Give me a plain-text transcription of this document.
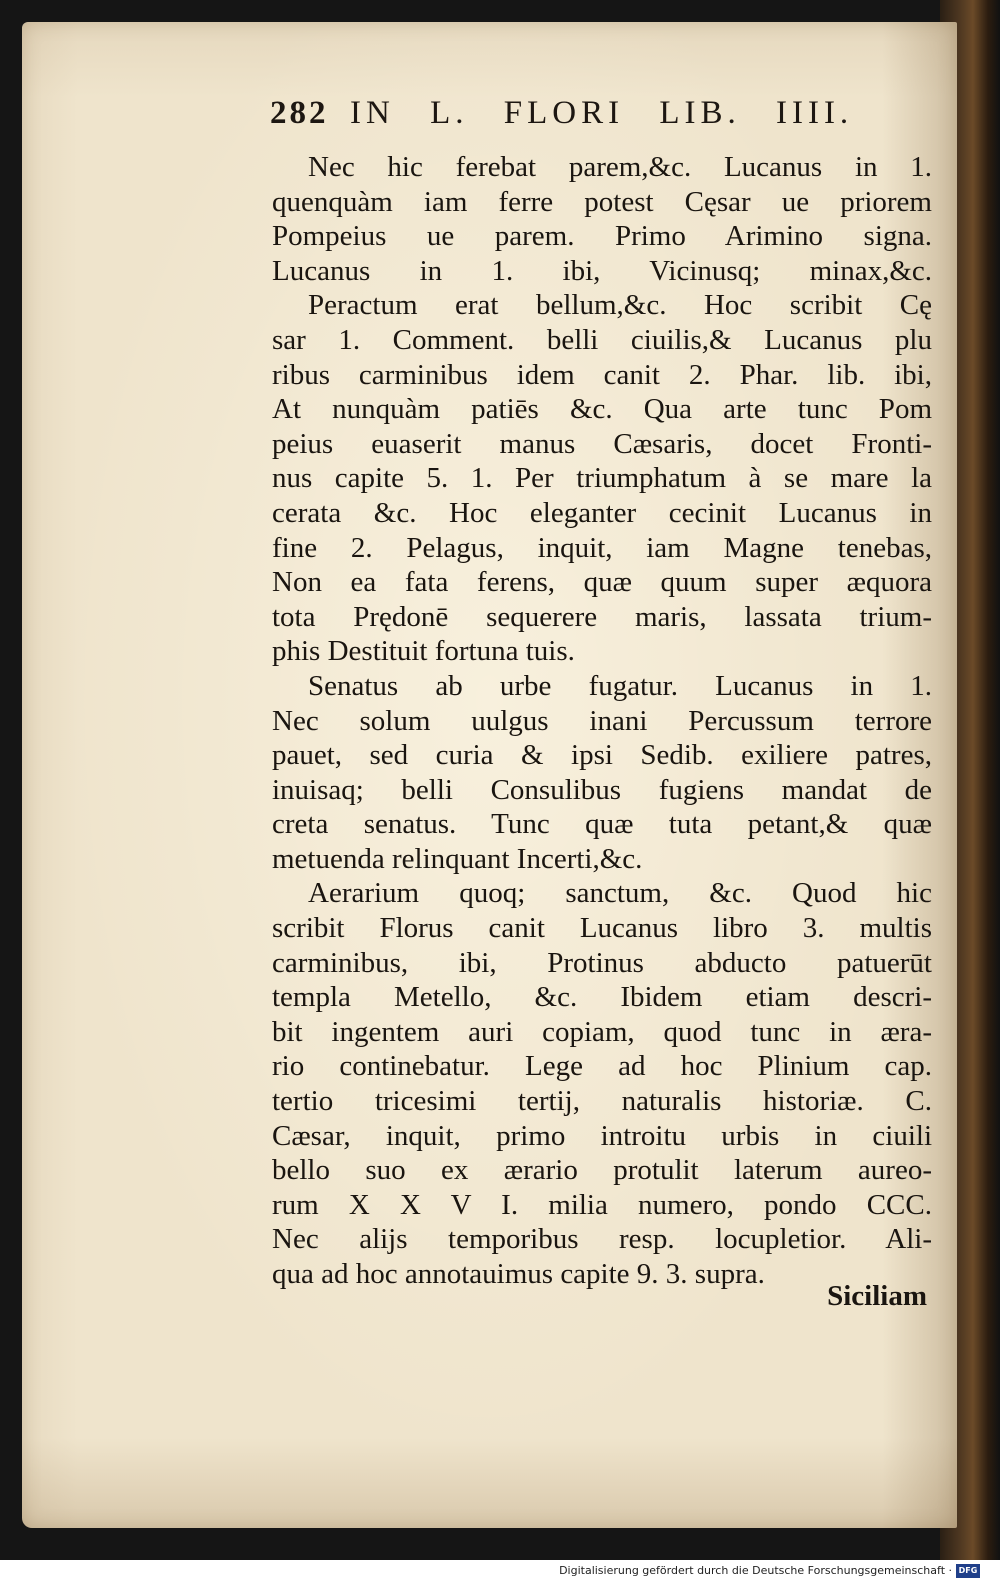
282 IN L. FLORI LIB. IIII.
Nec hic ferebat parem,&c. Lucanus in 1.
quenquàm iam ferre potest Cęsar ue priorem
Pompeius ue parem. Primo Arimino signa.
Lucanus in 1. ibi, Vicinusq; minax,&c.
Peractum erat bellum,&c. Hoc scribit Cę
sar 1. Comment. belli ciuilis,& Lucanus plu
ribus carminibus idem canit 2. Phar. lib. ibi,
At nunquàm patiēs &c. Qua arte tunc Pom
peius euaserit manus Cæsaris, docet Fronti-
nus capite 5. 1. Per triumphatum à se mare la
cerata &c. Hoc eleganter cecinit Lucanus in
fine 2. Pelagus, inquit, iam Magne tenebas,
Non ea fata ferens, quæ quum super æquora
tota Prędonē sequerere maris, lassata trium-
phis Destituit fortuna tuis.
Senatus ab urbe fugatur. Lucanus in 1.
Nec solum uulgus inani Percussum terrore
pauet, sed curia & ipsi Sedib. exiliere patres,
inuisaq; belli Consulibus fugiens mandat de
creta senatus. Tunc quæ tuta petant,& quæ
metuenda relinquant Incerti,&c.
Aerarium quoq; sanctum, &c. Quod hic
scribit Florus canit Lucanus libro 3. multis
carminibus, ibi, Protinus abducto patuerūt
templa Metello, &c. Ibidem etiam descri-
bit ingentem auri copiam, quod tunc in æra-
rio continebatur. Lege ad hoc Plinium cap.
tertio tricesimi tertij, naturalis historiæ. C.
Cæsar, inquit, primo introitu urbis in ciuili
bello suo ex ærario protulit laterum aureo-
rum X X V I. milia numero, pondo CCC.
Nec alijs temporibus resp. locupletior. Ali-
qua ad hoc annotauimus capite 9. 3. supra.
Siciliam
Digitalisierung gefördert durch die Deutsche Forschungsgemeinschaft · DFG
